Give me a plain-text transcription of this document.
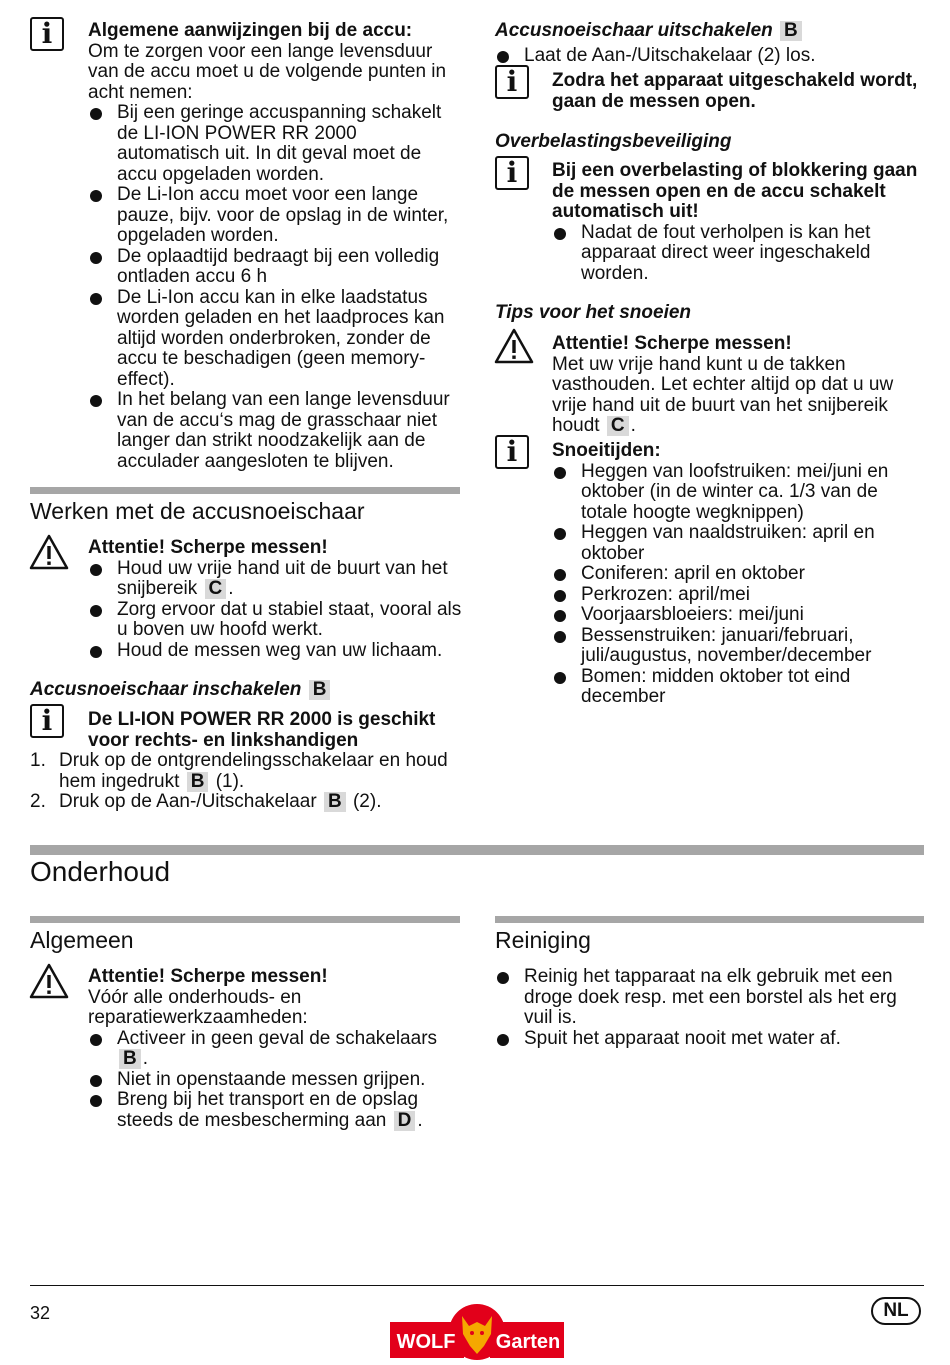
i	Algemene aanwijzingen bij de accu:

Om te zorgen voor een lange levensduur van de accu moet u de volgende punten in acht nemen:

Bij een geringe accuspanning schakelt de LI-ION POWER RR 2000 automatisch uit. In dit geval moet de accu opgeladen worden.
De Li-Ion accu moet voor een lange pauze, bijv. voor de opslag in de winter, opgeladen worden.
De oplaadtijd bedraagt bij een volledig ontladen accu 6 h
De Li-Ion accu kan in elke laadstatus worden geladen en het laadproces kan altijd worden onderbroken, zonder de accu te beschadigen (geen memory-effect).
In het belang van een lange levensduur van de accu‘s mag de grasschaar niet langer dan strikt noodzakelijk aan de acculader aangesloten te blijven.
Werken met de accusnoeischaar

Attentie! Scherpe messen!

Houd uw vrije hand uit de buurt van het snijbereik C .
Zorg ervoor dat u stabiel staat, vooral als u boven uw hoofd werkt.
Houd de messen weg van uw lichaam.
Accusnoeischaar inschakelen B
i	De LI-ION POWER RR 2000 is geschikt voor rechts- en linkshandigen

1. Druk op de ontgrendelingsschakelaar en houd hem ingedrukt B (1).
2. Druk op de Aan-/Uitschakelaar B (2).
Accusnoeischaar uitschakelen B
Laat de Aan-/Uitschakelaar (2) los.
i	Zodra het apparaat uitgeschakeld wordt, gaan de messen open.

Overbelastingsbeveiliging
i	Bij een overbelasting of blokkering gaan de messen open en de accu schakelt automatisch uit!

Nadat de fout verholpen is kan het apparaat direct weer ingeschakeld worden.
Tips voor het snoeien

Attentie! Scherpe messen!

Met uw vrije hand kunt u de takken vasthouden. Let echter altijd op dat u uw vrije hand uit de buurt van het snijbereik houdt C .

i	Snoeitijden:

Heggen van loofstruiken: mei/juni en oktober (in de winter ca. 1/3 van de totale hoogte wegknippen)
Heggen van naaldstruiken: april en oktober
Coniferen: april en oktober
Perkrozen: april/mei
Voorjaarsbloeiers: mei/juni
Bessenstruiken: januari/februari, juli/augustus, november/december
Bomen: midden oktober tot eind december
Onderhoud
Algemeen

Attentie! Scherpe messen!

Vóór alle onderhouds- en reparatiewerkzaamheden:

Activeer in geen geval de schakelaars B .
Niet in openstaande messen grijpen.
Breng bij het transport en de opslag steeds de mesbescherming aan D .
Reiniging
Reinig het tapparaat na elk gebruik met een droge doek resp. met een borstel als het erg vuil is.
Spuit het apparaat nooit met water af.
32	NL
WOLF Garten
